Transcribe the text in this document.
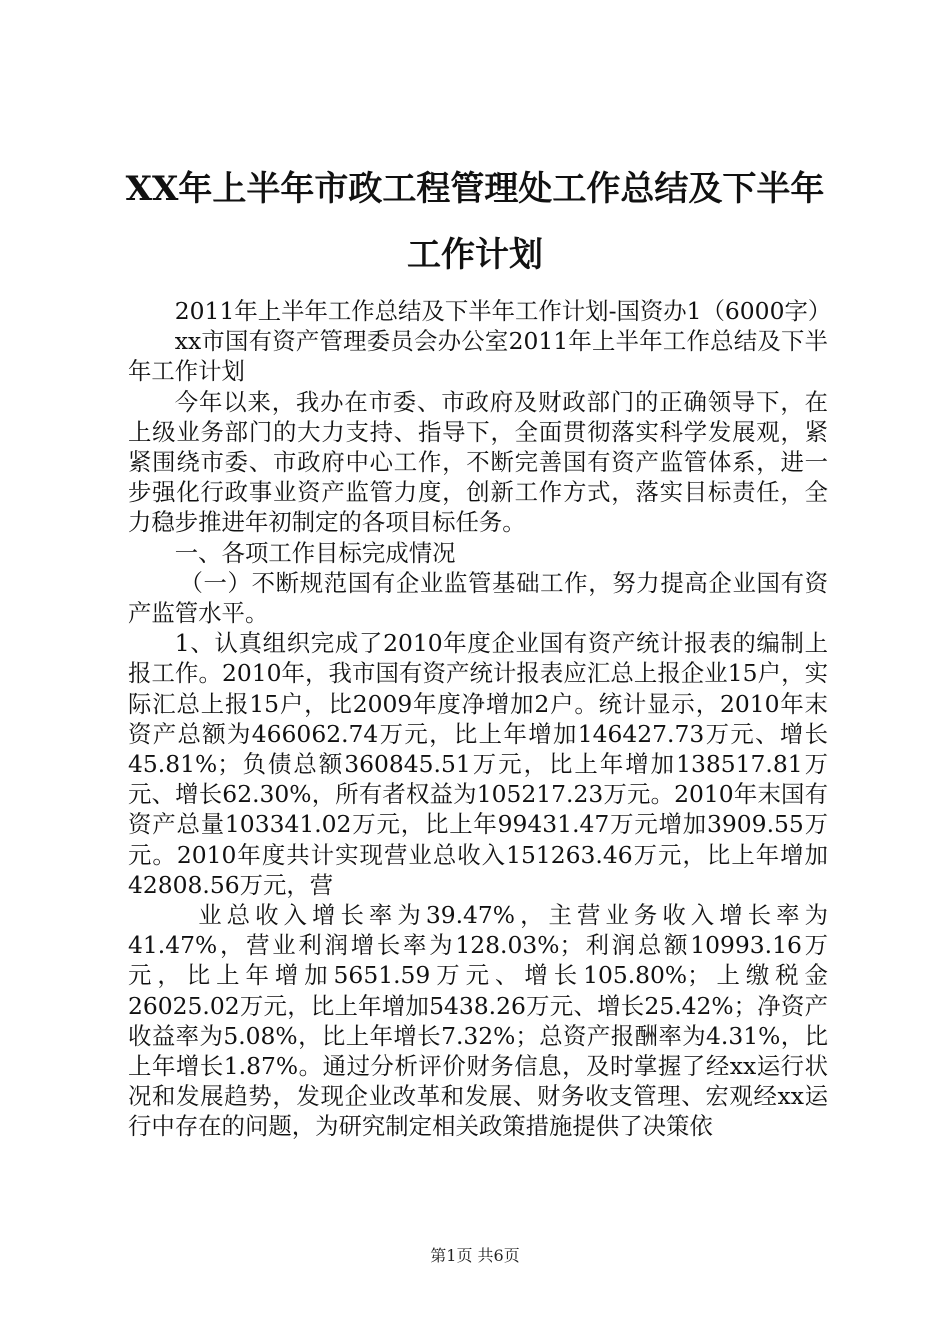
XX年上半年市政工程管理处工作总结及下半年工作计划

2011年上半年工作总结及下半年工作计划-国资办1（6000字）

xx市国有资产管理委员会办公室2011年上半年工作总结及下半年工作计划

今年以来，我办在市委、市政府及财政部门的正确领导下，在上级业务部门的大力支持、指导下，全面贯彻落实科学发展观，紧紧围绕市委、市政府中心工作，不断完善国有资产监管体系，进一步强化行政事业资产监管力度，创新工作方式，落实目标责任，全力稳步推进年初制定的各项目标任务。

一、各项工作目标完成情况

（一）不断规范国有企业监管基础工作，努力提高企业国有资产监管水平。

1、认真组织完成了2010年度企业国有资产统计报表的编制上报工作。2010年，我市国有资产统计报表应汇总上报企业15户，实际汇总上报15户，比2009年度净增加2户。统计显示，2010年末资产总额为466062.74万元，比上年增加146427.73万元、增长45.81%；负债总额360845.51万元，比上年增加138517.81万元、增长62.30%，所有者权益为105217.23万元。2010年末国有资产总量103341.02万元，比上年99431.47万元增加3909.55万元。2010年度共计实现营业总收入151263.46万元，比上年增加42808.56万元，营

业总收入增长率为39.47%，主营业务收入增长率为41.47%，营业利润增长率为128.03%；利润总额10993.16万元，比上年增加5651.59万元、增长105.80%；上缴税金26025.02万元，比上年增加5438.26万元、增长25.42%；净资产收益率为5.08%，比上年增长7.32%；总资产报酬率为4.31%，比上年增长1.87%。通过分析评价财务信息，及时掌握了经xx运行状况和发展趋势，发现企业改革和发展、财务收支管理、宏观经xx运行中存在的问题，为研究制定相关政策措施提供了决策依

第1页 共6页
